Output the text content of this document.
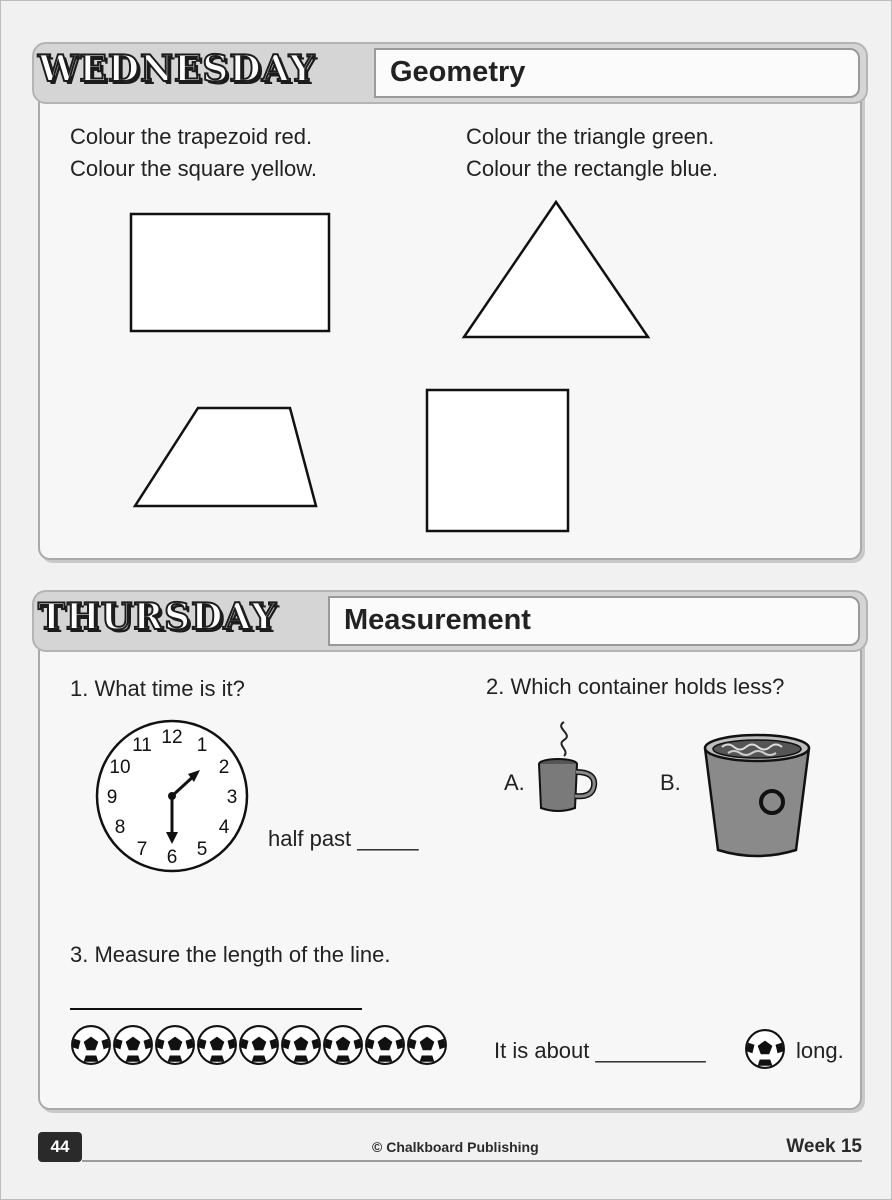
WEDNESDAY	Geometry
Colour the trapezoid red.
Colour the square yellow.
Colour the triangle green.
Colour the rectangle blue.
THURSDAY Measurement
1. What time is it?
12 1
2
3
4
5
6
7
8
9
10
11
half past _____
2. Which container holds less?
A.	B.
3. Measure the length of the line.
It is about _________	long.
44	© Chalkboard Publishing	Week 15
